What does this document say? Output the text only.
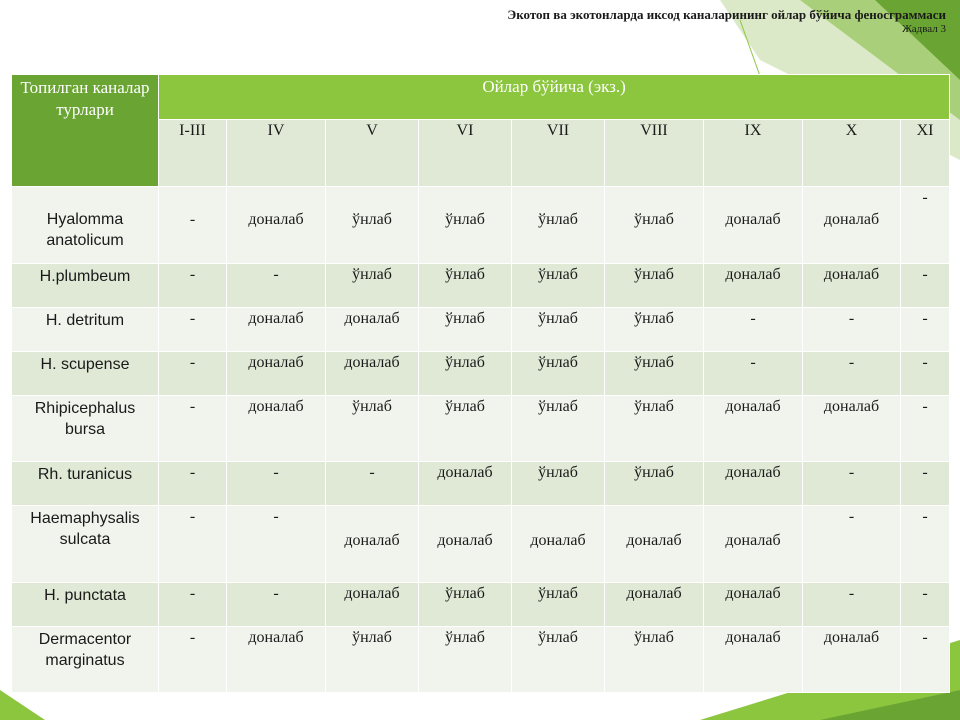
Экотоп ва экотонларда иксод каналарининг ойлар бўйича феносграммаси
Жадвал 3
Топилган каналар турлари	Ойлар бўйича (экз.)								
	I-III	IV	V	VI	VII	VIII	IX	X	XI
Hyalomma anatolicum	-	доналаб	ўнлаб	ўнлаб	ўнлаб	ўнлаб	доналаб	доналаб	-
H.plumbeum	-	-	ўнлаб	ўнлаб	ўнлаб	ўнлаб	доналаб	доналаб	-
H. detritum	-	доналаб	доналаб	ўнлаб	ўнлаб	ўнлаб	-	-	-
H. scupense	-	доналаб	доналаб	ўнлаб	ўнлаб	ўнлаб	-	-	-
Rhipicephalus bursa	-	доналаб	ўнлаб	ўнлаб	ўнлаб	ўнлаб	доналаб	доналаб	-
Rh. turanicus	-	-	-	доналаб	ўнлаб	ўнлаб	доналаб	-	-
Haemaphysalis sulcata	-	-	доналаб	доналаб	доналаб	доналаб	доналаб	-	-
H. punctata	-	-	доналаб	ўнлаб	ўнлаб	доналаб	доналаб	-	-
Dermacentor marginatus	-	доналаб	ўнлаб	ўнлаб	ўнлаб	ўнлаб	доналаб	доналаб	-
